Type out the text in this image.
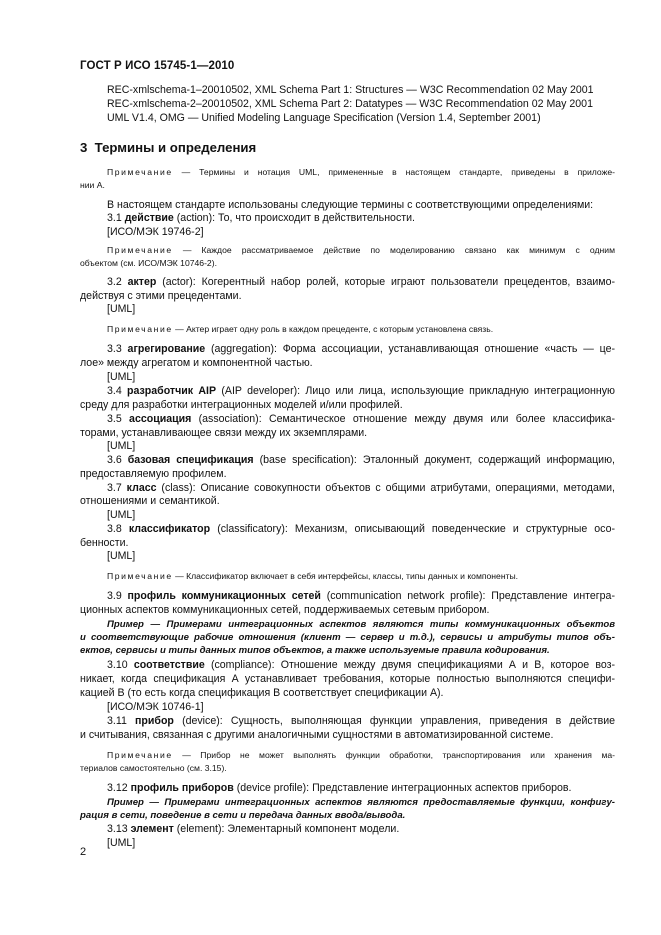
ГОСТ Р ИСО 15745-1—2010
REC-xmlschema-1–20010502, XML Schema Part 1: Structures — W3C Recommendation 02 May 2001
REC-xmlschema-2–20010502, XML Schema Part 2: Datatypes — W3C Recommendation 02 May 2001
UML V1.4, OMG — Unified Modeling Language Specification (Version 1.4, September 2001)
3 Термины и определения
Примечание — Термины и нотация UML, примененные в настоящем стандарте, приведены в приложе-
нии А.
В настоящем стандарте использованы следующие термины с соответствующими определениями:
3.1 действие (action): То, что происходит в действительности.
[ИСО/МЭК 19746-2]
Примечание — Каждое рассматриваемое действие по моделированию связано как минимум с одним
объектом (см. ИСО/МЭК 10746-2).
3.2 актер (actor): Когерентный набор ролей, которые играют пользователи прецедентов, взаимо-
действуя с этими прецедентами.
[UML]
Примечание — Актер играет одну роль в каждом прецеденте, с которым установлена связь.
3.3 агрегирование (aggregation): Форма ассоциации, устанавливающая отношение «часть — це-
лое» между агрегатом и компонентной частью.
[UML]
3.4 разработчик AIP (AIP developer): Лицо или лица, использующие прикладную интеграционную
среду для разработки интеграционных моделей и/или профилей.
3.5 ассоциация (association): Семантическое отношение между двумя или более классифика-
торами, устанавливающее связи между их экземплярами.
[UML]
3.6 базовая спецификация (base specification): Эталонный документ, содержащий информацию,
предоставляемую профилем.
3.7 класс (class): Описание совокупности объектов с общими атрибутами, операциями, методами,
отношениями и семантикой.
[UML]
3.8 классификатор (classificatory): Механизм, описывающий поведенческие и структурные осо-
бенности.
[UML]
Примечание — Классификатор включает в себя интерфейсы, классы, типы данных и компоненты.
3.9 профиль коммуникационных сетей (communication network profile): Представление интегра-
ционных аспектов коммуникационных сетей, поддерживаемых сетевым прибором.
Пример — Примерами интеграционных аспектов являются типы коммуникационных объектов
и соответствующие рабочие отношения (клиент — сервер и т.д.), сервисы и атрибуты типов объ-
ектов, сервисы и типы данных типов объектов, а также используемые правила кодирования.
3.10 соответствие (compliance): Отношение между двумя спецификациями А и В, которое воз-
никает, когда спецификация А устанавливает требования, которые полностью выполняются специфи-
кацией В (то есть когда спецификация В соответствует спецификации А).
[ИСО/МЭК 10746-1]
3.11 прибор (device): Сущность, выполняющая функции управления, приведения в действие
и считывания, связанная с другими аналогичными сущностями в автоматизированной системе.
Примечание — Прибор не может выполнять функции обработки, транспортирования или хранения ма-
териалов самостоятельно (см. 3.15).
3.12 профиль приборов (device profile): Представление интеграционных аспектов приборов.
Пример — Примерами интеграционных аспектов являются предоставляемые функции, конфигу-
рация в сети, поведение в сети и передача данных ввода/вывода.
3.13 элемент (element): Элементарный компонент модели.
[UML]
2
